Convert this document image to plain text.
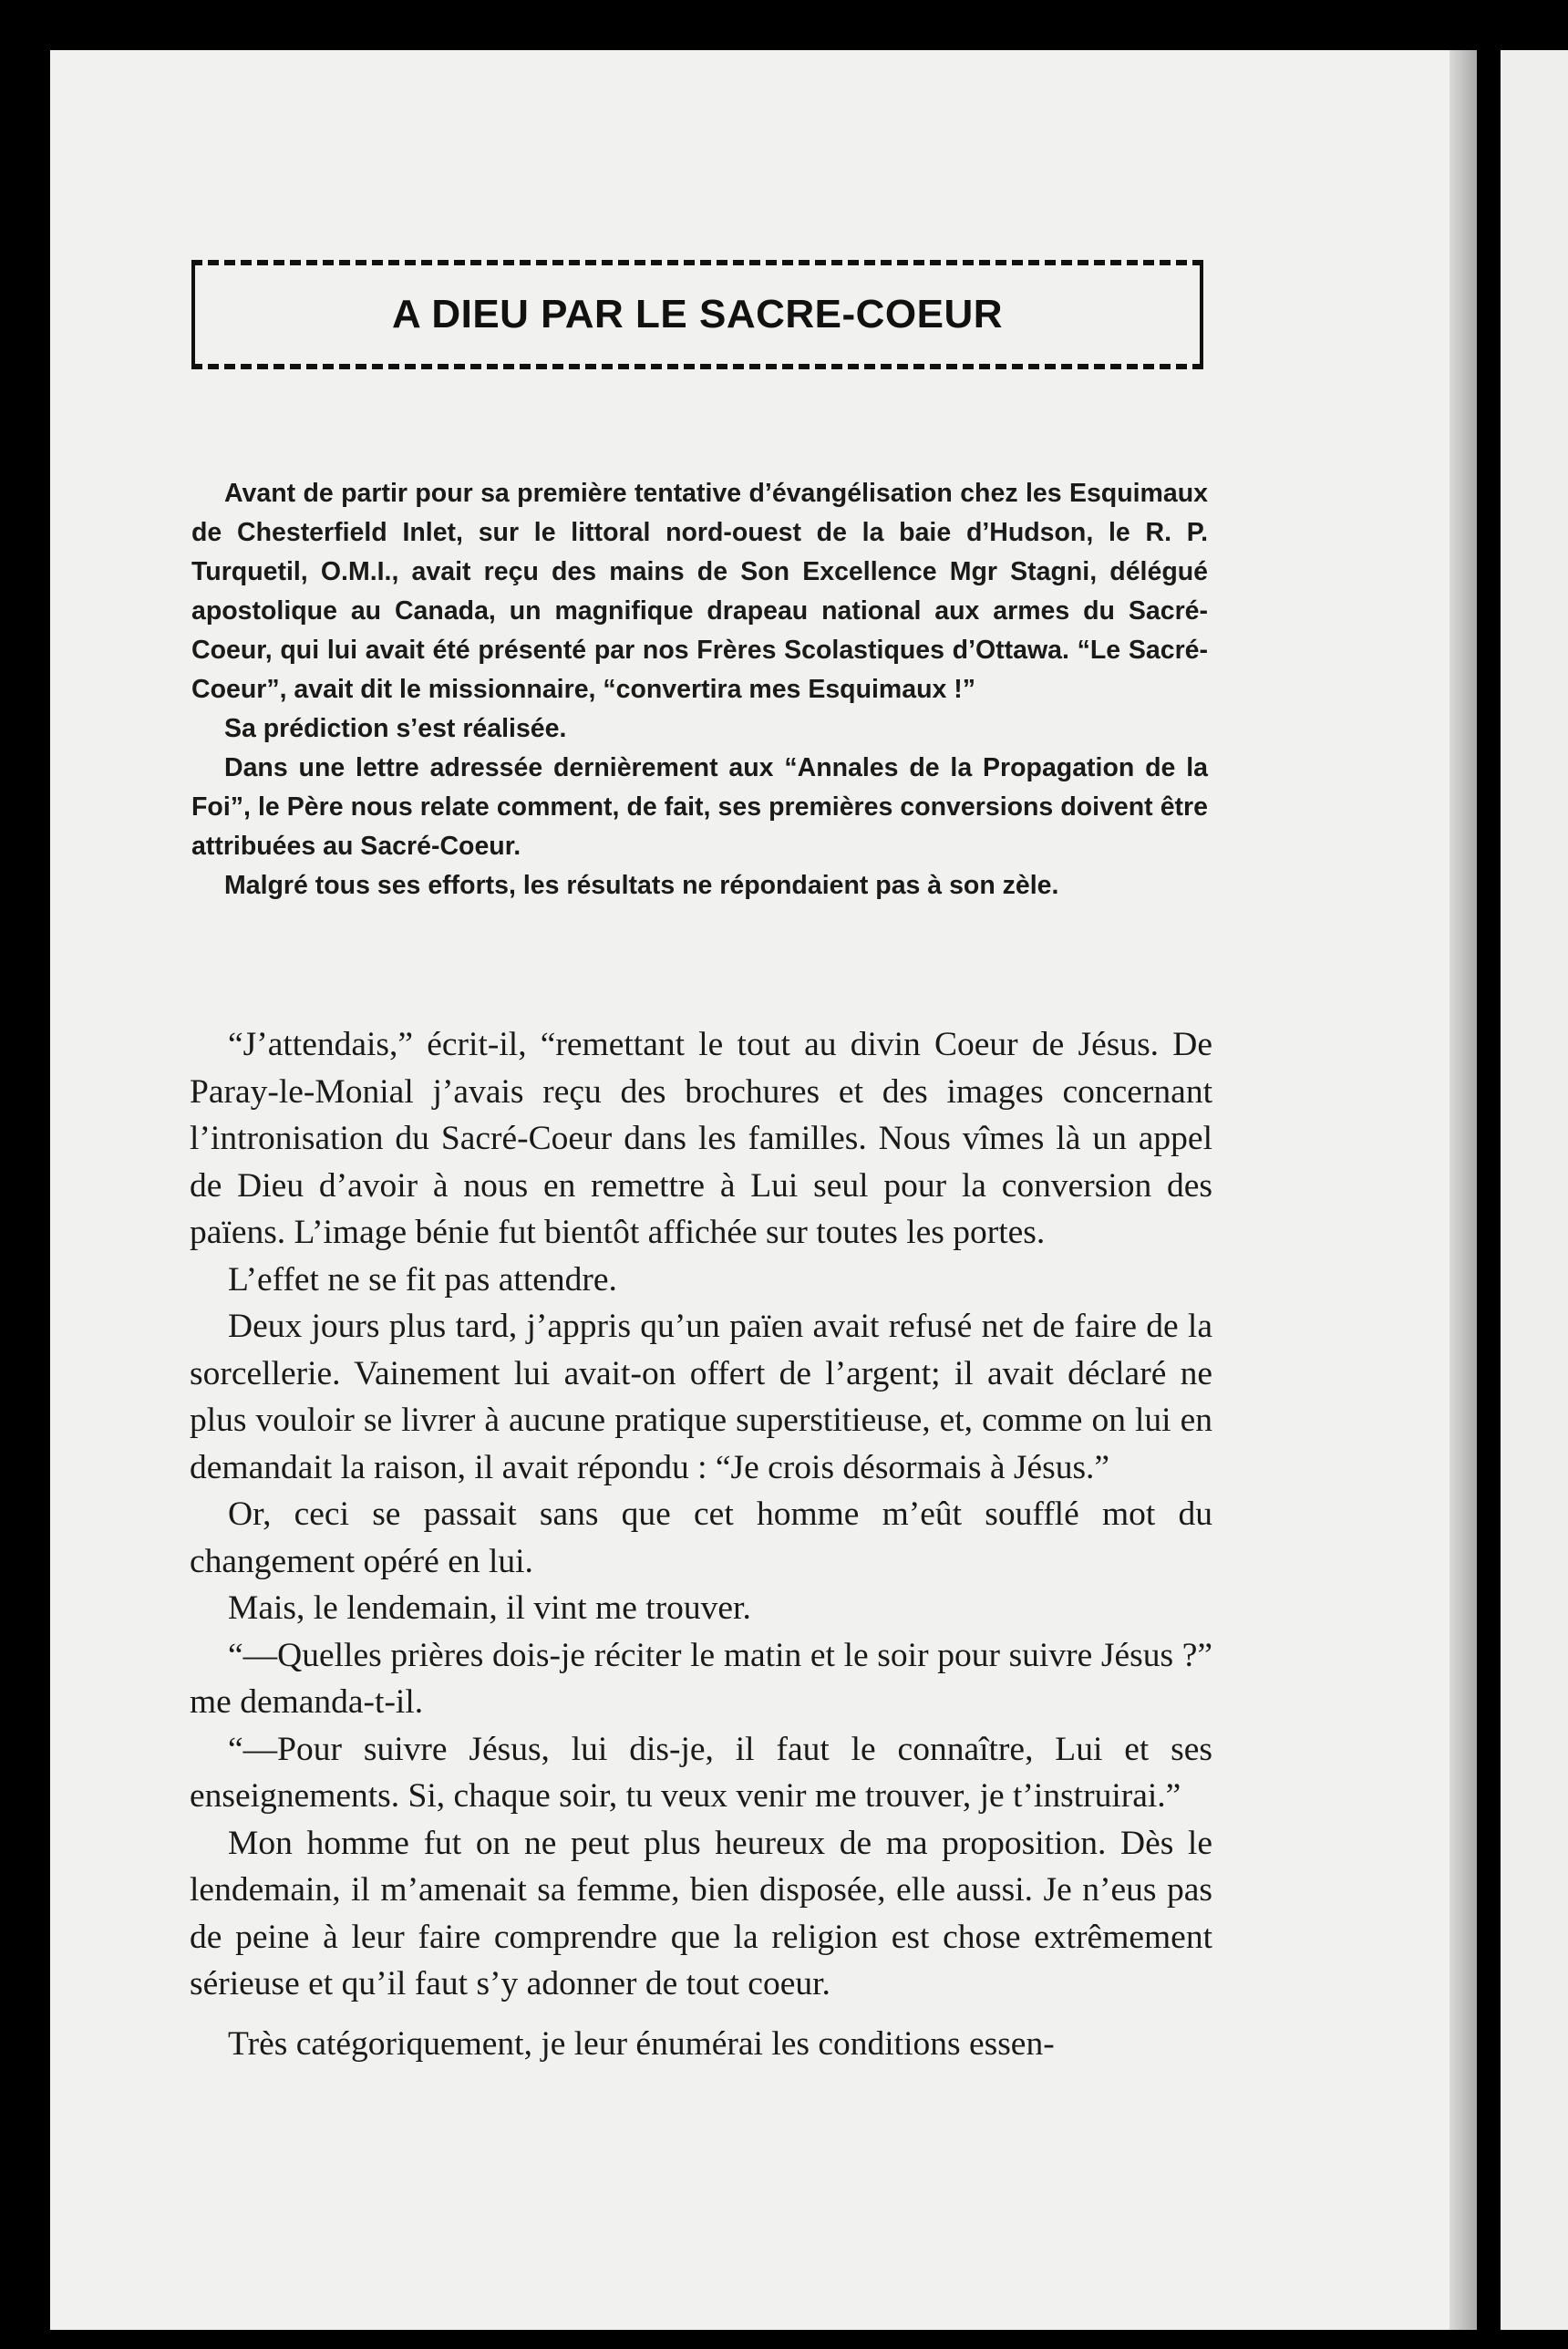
A DIEU PAR LE SACRE-COEUR

Avant de partir pour sa première tentative d’évangélisation chez les Esquimaux de Chesterfield Inlet, sur le littoral nord-ouest de la baie d’Hudson, le R. P. Turquetil, O.M.I., avait reçu des mains de Son Excellence Mgr Stagni, délégué apostolique au Canada, un magnifique drapeau national aux armes du Sacré-Coeur, qui lui avait été présenté par nos Frères Scolastiques d’Ottawa. “Le Sacré-Coeur”, avait dit le missionnaire, “convertira mes Esquimaux !”

Sa prédiction s’est réalisée.

Dans une lettre adressée dernièrement aux “Annales de la Propagation de la Foi”, le Père nous relate comment, de fait, ses premières conversions doivent être attribuées au Sacré-Coeur.

Malgré tous ses efforts, les résultats ne répondaient pas à son zèle.

“J’attendais,” écrit-il, “remettant le tout au divin Coeur de Jésus. De Paray-le-Monial j’avais reçu des brochures et des images concernant l’intronisation du Sacré-Coeur dans les familles. Nous vîmes là un appel de Dieu d’avoir à nous en remettre à Lui seul pour la conversion des païens. L’image bénie fut bientôt affichée sur toutes les portes.

L’effet ne se fit pas attendre.

Deux jours plus tard, j’appris qu’un païen avait refusé net de faire de la sorcellerie. Vainement lui avait-on offert de l’argent; il avait déclaré ne plus vouloir se livrer à aucune pratique superstitieuse, et, comme on lui en demandait la raison, il avait répondu : “Je crois désormais à Jésus.”

Or, ceci se passait sans que cet homme m’eût soufflé mot du changement opéré en lui.

Mais, le lendemain, il vint me trouver.

“—Quelles prières dois-je réciter le matin et le soir pour suivre Jésus ?” me demanda-t-il.

“—Pour suivre Jésus, lui dis-je, il faut le connaître, Lui et ses enseignements. Si, chaque soir, tu veux venir me trouver, je t’instruirai.”

Mon homme fut on ne peut plus heureux de ma proposition. Dès le lendemain, il m’amenait sa femme, bien disposée, elle aussi. Je n’eus pas de peine à leur faire comprendre que la religion est chose extrêmement sérieuse et qu’il faut s’y adonner de tout coeur.

Très catégoriquement, je leur énumérai les conditions essen-
